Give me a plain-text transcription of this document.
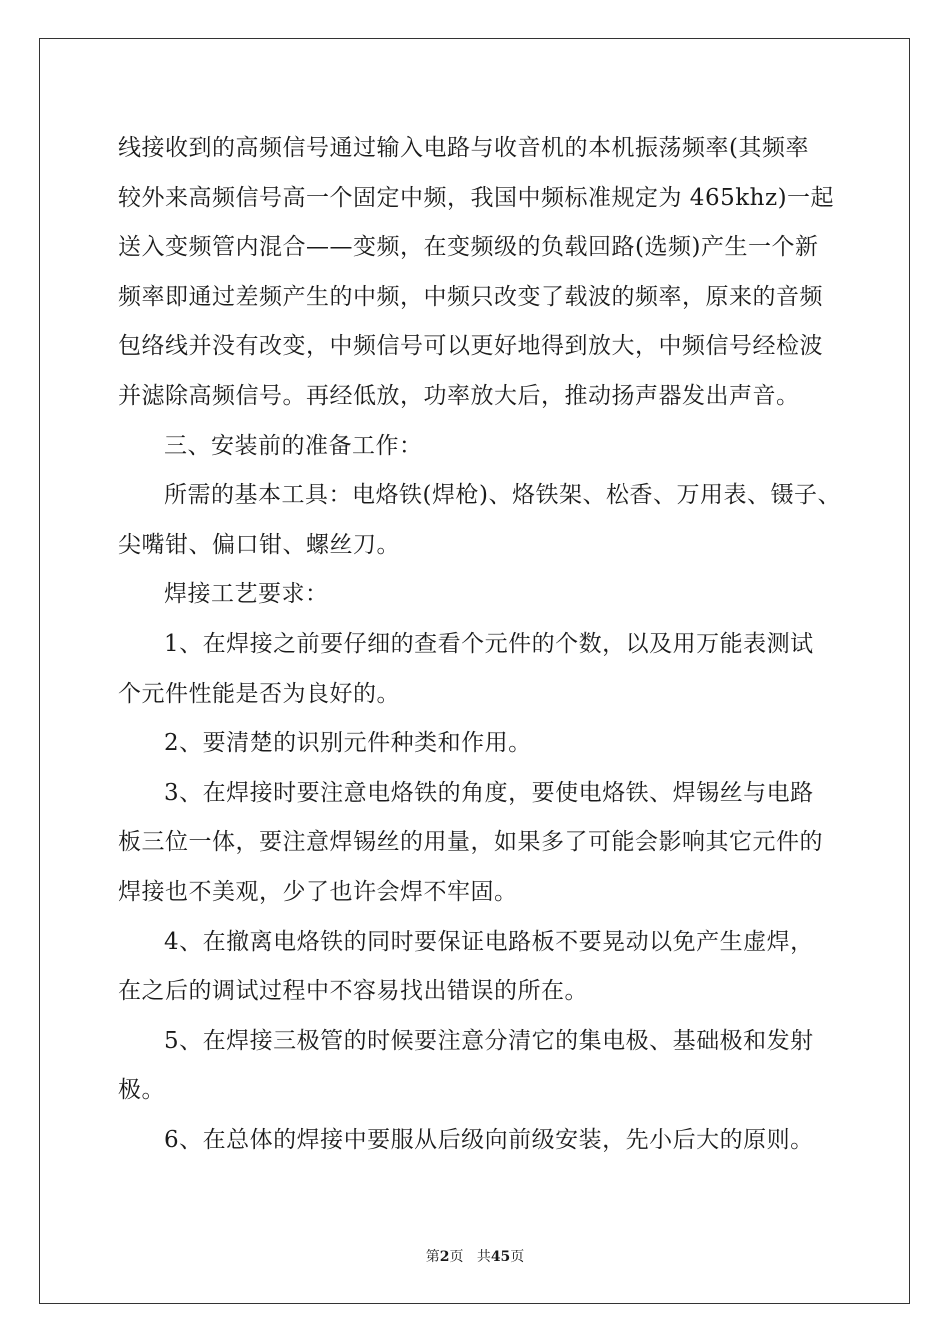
线接收到的高频信号通过输入电路与收音机的本机振荡频率(其频率
较外来高频信号高一个固定中频，我国中频标准规定为 465khz)一起
送入变频管内混合——变频，在变频级的负载回路(选频)产生一个新
频率即通过差频产生的中频，中频只改变了载波的频率，原来的音频
包络线并没有改变，中频信号可以更好地得到放大，中频信号经检波
并滤除高频信号。再经低放，功率放大后，推动扬声器发出声音。
三、安装前的准备工作：
所需的基本工具：电烙铁(焊枪)、烙铁架、松香、万用表、镊子、
尖嘴钳、偏口钳、螺丝刀。
焊接工艺要求：
1、在焊接之前要仔细的查看个元件的个数，以及用万能表测试
个元件性能是否为良好的。
2、要清楚的识别元件种类和作用。
3、在焊接时要注意电烙铁的角度，要使电烙铁、焊锡丝与电路
板三位一体，要注意焊锡丝的用量，如果多了可能会影响其它元件的
焊接也不美观，少了也许会焊不牢固。
4、在撤离电烙铁的同时要保证电路板不要晃动以免产生虚焊，
在之后的调试过程中不容易找出错误的所在。
5、在焊接三极管的时候要注意分清它的集电极、基础极和发射
极。
6、在总体的焊接中要服从后级向前级安装，先小后大的原则。
第2页 共45页
